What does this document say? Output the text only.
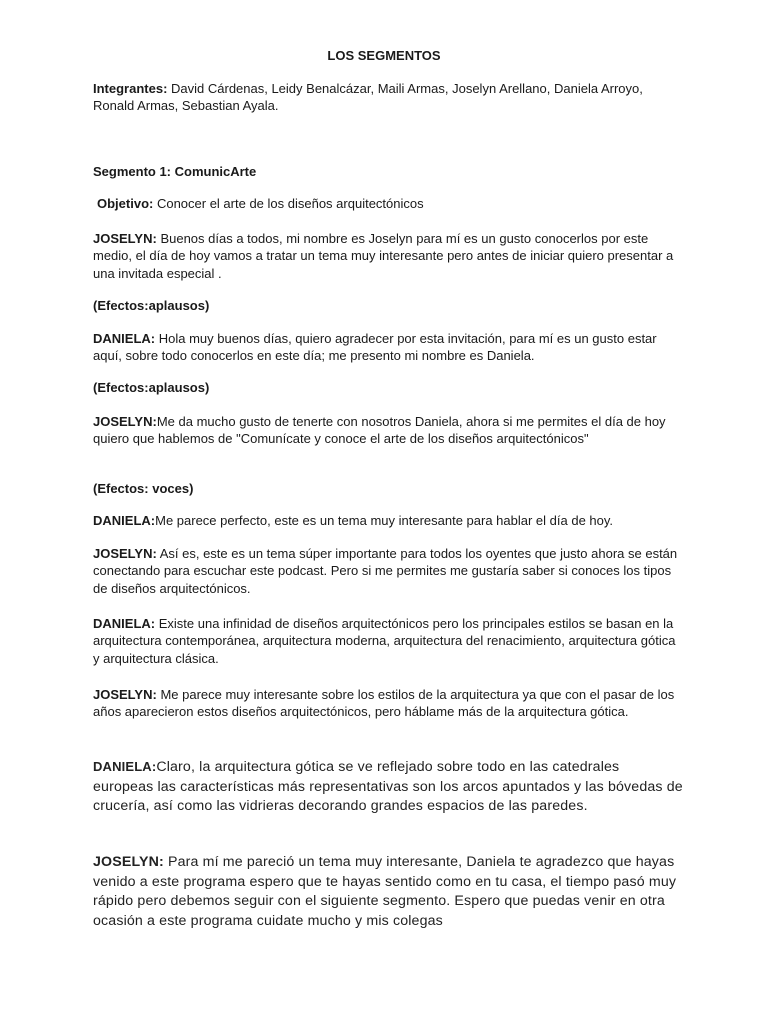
LOS SEGMENTOS

Integrantes: David Cárdenas, Leidy Benalcázar, Maili Armas, Joselyn Arellano, Daniela Arroyo, Ronald Armas, Sebastian Ayala.

Segmento 1: ComunicArte

Objetivo: Conocer el arte de los diseños arquitectónicos

JOSELYN: Buenos días a todos, mi nombre es Joselyn para mí es un gusto conocerlos por este medio, el día de hoy vamos a tratar un tema muy interesante pero antes de iniciar quiero presentar a una invitada especial .

(Efectos:aplausos)

DANIELA: Hola muy buenos días, quiero agradecer por esta invitación, para mí es un gusto estar aquí, sobre todo conocerlos en este día; me presento mi nombre es Daniela.

(Efectos:aplausos)

JOSELYN:Me da mucho gusto de tenerte con nosotros Daniela, ahora si me permites el día de hoy quiero que hablemos de "Comunícate y conoce el arte de los diseños arquitectónicos"

(Efectos: voces)

DANIELA:Me parece perfecto, este es un tema muy interesante para hablar el día de hoy.

JOSELYN: Así es, este es un tema súper importante para todos los oyentes que justo ahora se están conectando para escuchar este podcast. Pero si me permites me gustaría saber si conoces los tipos de diseños arquitectónicos.

DANIELA: Existe una infinidad de diseños arquitectónicos pero los principales estilos se basan en la arquitectura contemporánea, arquitectura moderna, arquitectura del renacimiento, arquitectura gótica y arquitectura clásica.

JOSELYN: Me parece muy interesante sobre los estilos de la arquitectura ya que con el pasar de los años aparecieron estos diseños arquitectónicos, pero háblame más de la arquitectura gótica.

DANIELA:Claro, la arquitectura gótica se ve reflejado sobre todo en las catedrales europeas las características más representativas son los arcos apuntados y las bóvedas de crucería, así como las vidrieras decorando grandes espacios de las paredes.

JOSELYN: Para mí me pareció un tema muy interesante, Daniela te agradezco que hayas venido a este programa espero que te hayas sentido como en tu casa, el tiempo pasó muy rápido pero debemos seguir con el siguiente segmento. Espero que puedas venir en otra ocasión a este programa cuidate mucho y mis colegas
